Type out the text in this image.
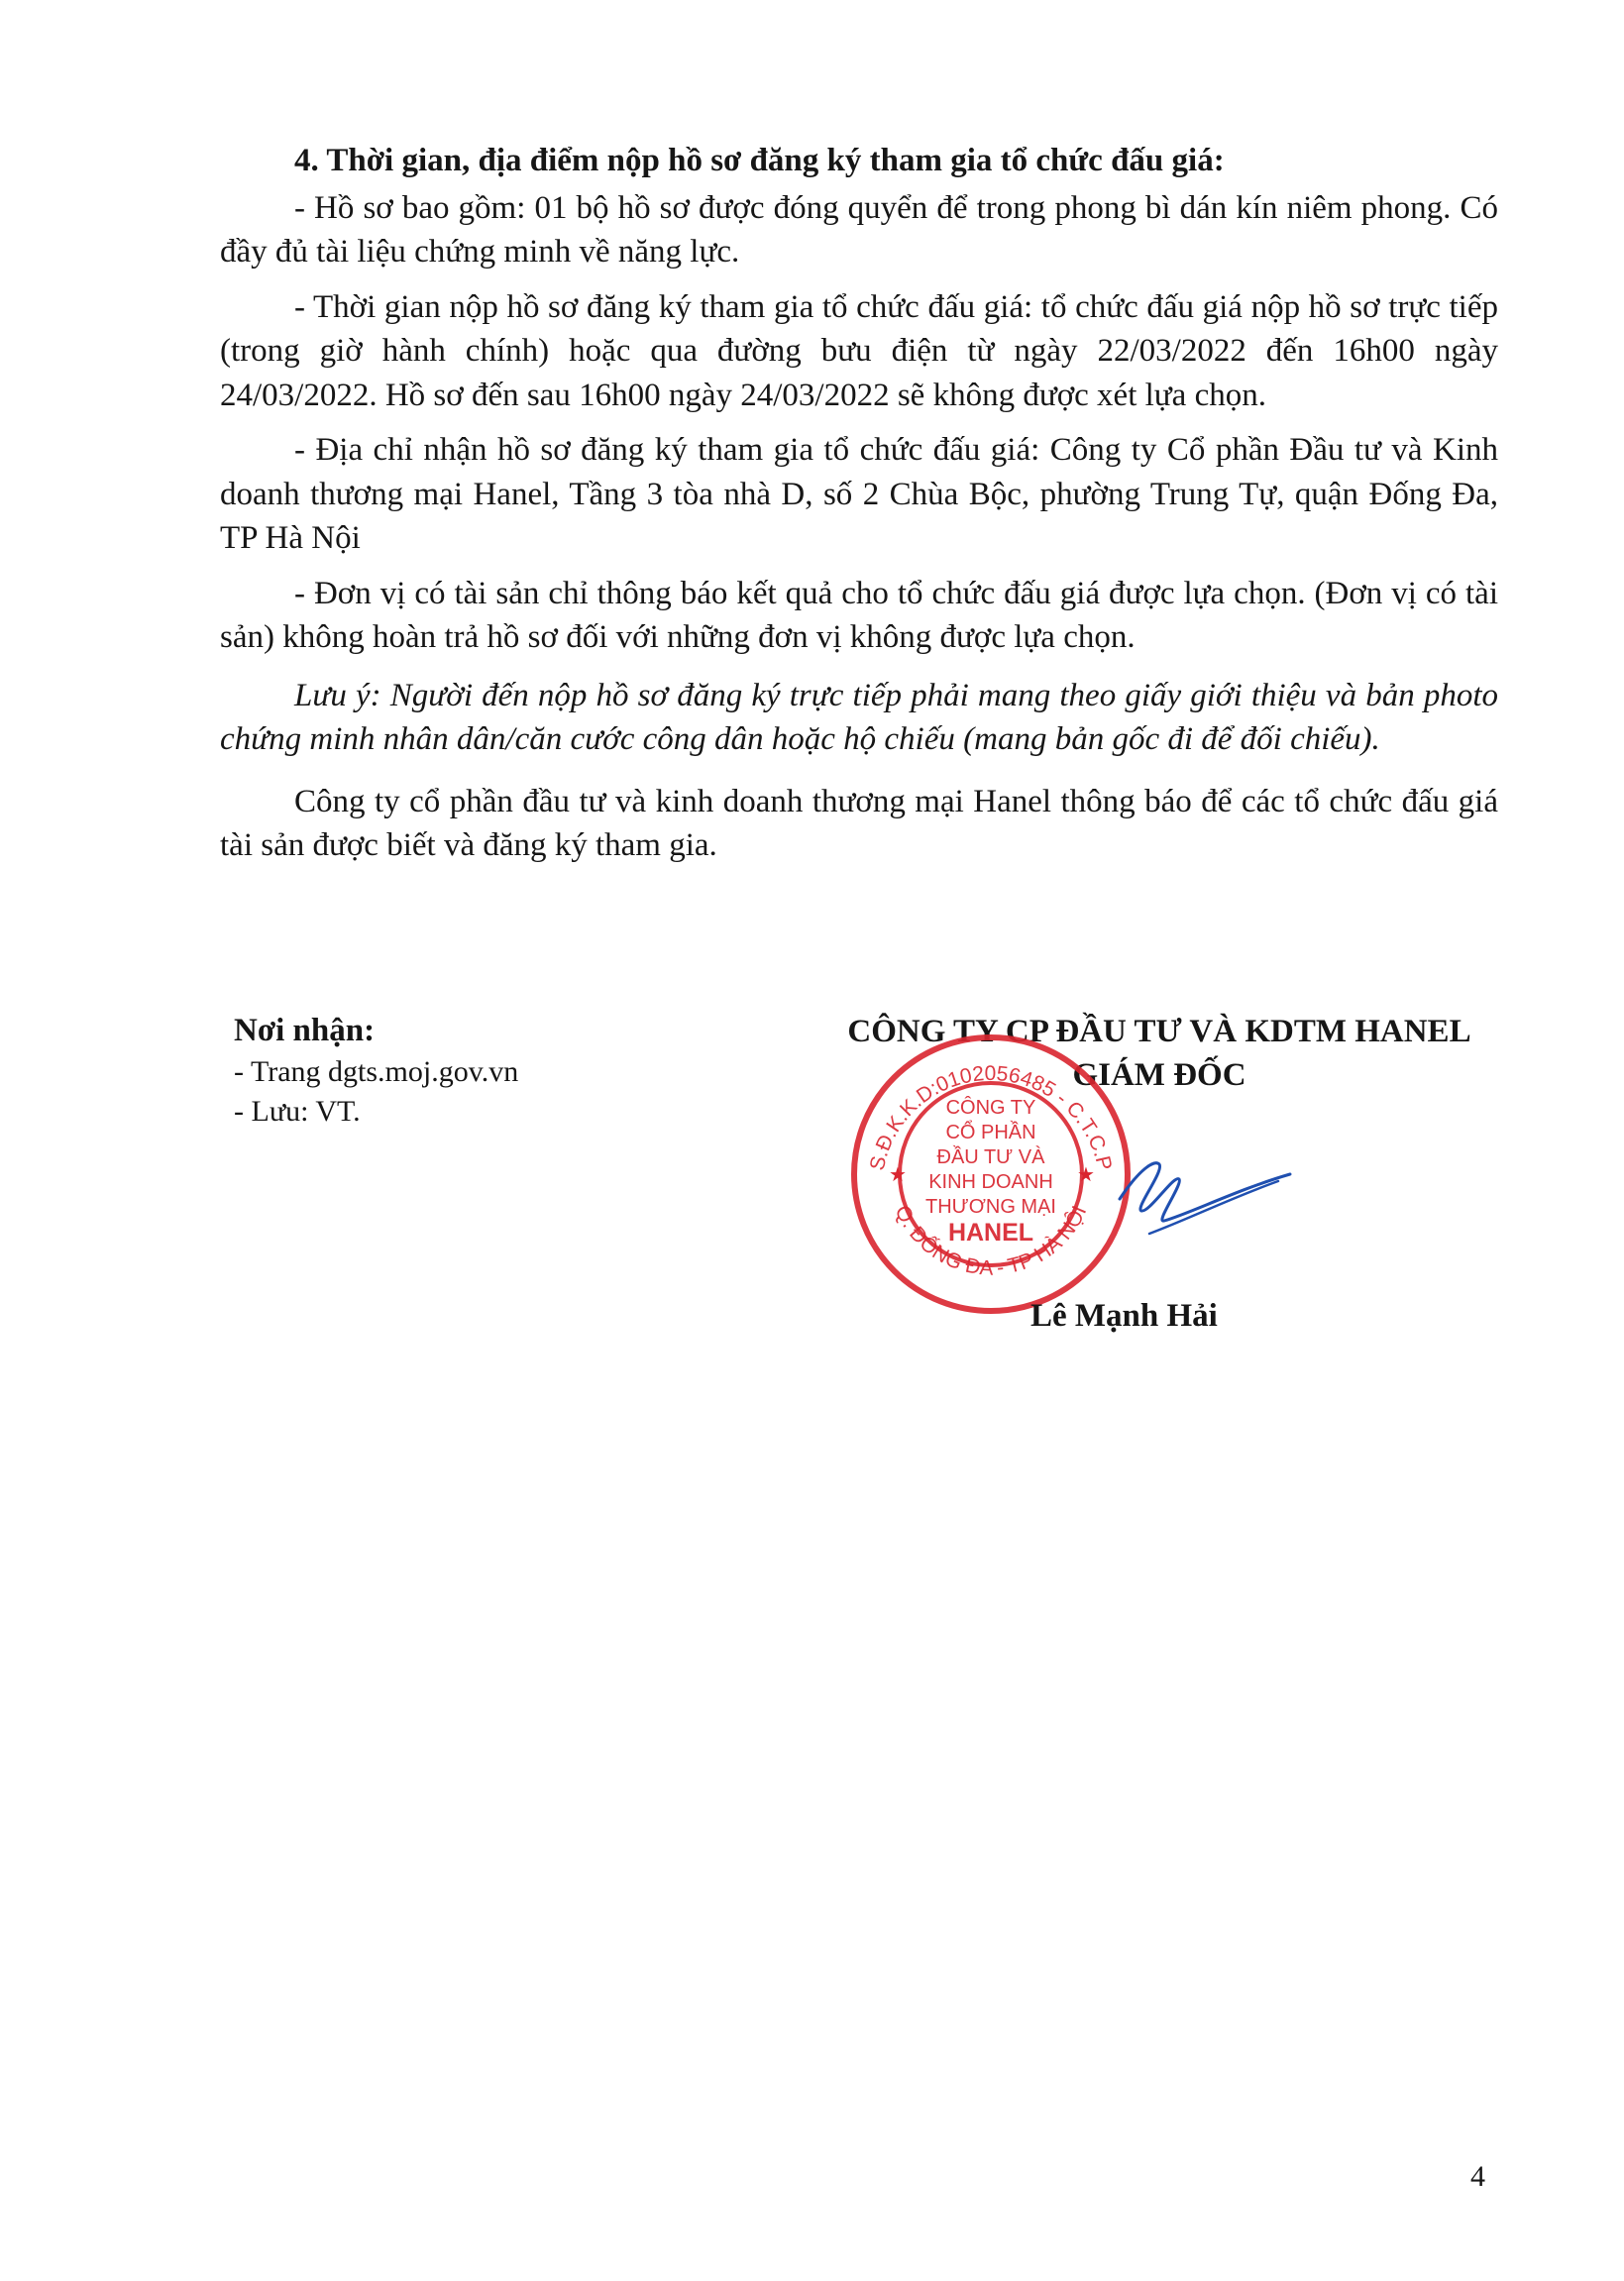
4. Thời gian, địa điểm nộp hồ sơ đăng ký tham gia tổ chức đấu giá:

- Hồ sơ bao gồm: 01 bộ hồ sơ được đóng quyển để trong phong bì dán kín niêm phong. Có đầy đủ tài liệu chứng minh về năng lực.

- Thời gian nộp hồ sơ đăng ký tham gia tổ chức đấu giá: tổ chức đấu giá nộp hồ sơ trực tiếp (trong giờ hành chính) hoặc qua đường bưu điện từ ngày 22/03/2022 đến 16h00 ngày 24/03/2022. Hồ sơ đến sau 16h00 ngày 24/03/2022 sẽ không được xét lựa chọn.

- Địa chỉ nhận hồ sơ đăng ký tham gia tổ chức đấu giá: Công ty Cổ phần Đầu tư và Kinh doanh thương mại Hanel, Tầng 3 tòa nhà D, số 2 Chùa Bộc, phường Trung Tự, quận Đống Đa, TP Hà Nội

- Đơn vị có tài sản chỉ thông báo kết quả cho tổ chức đấu giá được lựa chọn. (Đơn vị có tài sản) không hoàn trả hồ sơ đối với những đơn vị không được lựa chọn.

Lưu ý: Người đến nộp hồ sơ đăng ký trực tiếp phải mang theo giấy giới thiệu và bản photo chứng minh nhân dân/căn cước công dân hoặc hộ chiếu (mang bản gốc đi để đối chiếu).

Công ty cổ phần đầu tư và kinh doanh thương mại Hanel thông báo để các tổ chức đấu giá tài sản được biết và đăng ký tham gia.

Nơi nhận:
- Trang dgts.moj.gov.vn
- Lưu: VT.
CÔNG TY CP ĐẦU TƯ VÀ KDTM HANEL
GIÁM ĐỐC
S.Đ.K.K.D:0102056485 - C.T.C.P
Q. ĐỐNG ĐA - TP HÀ NỘI
★	★
CÔNG TY
CỔ PHẦN
ĐẦU TƯ VÀ
KINH DOANH
THƯƠNG MẠI
HANEL
Lê Mạnh Hải
4
